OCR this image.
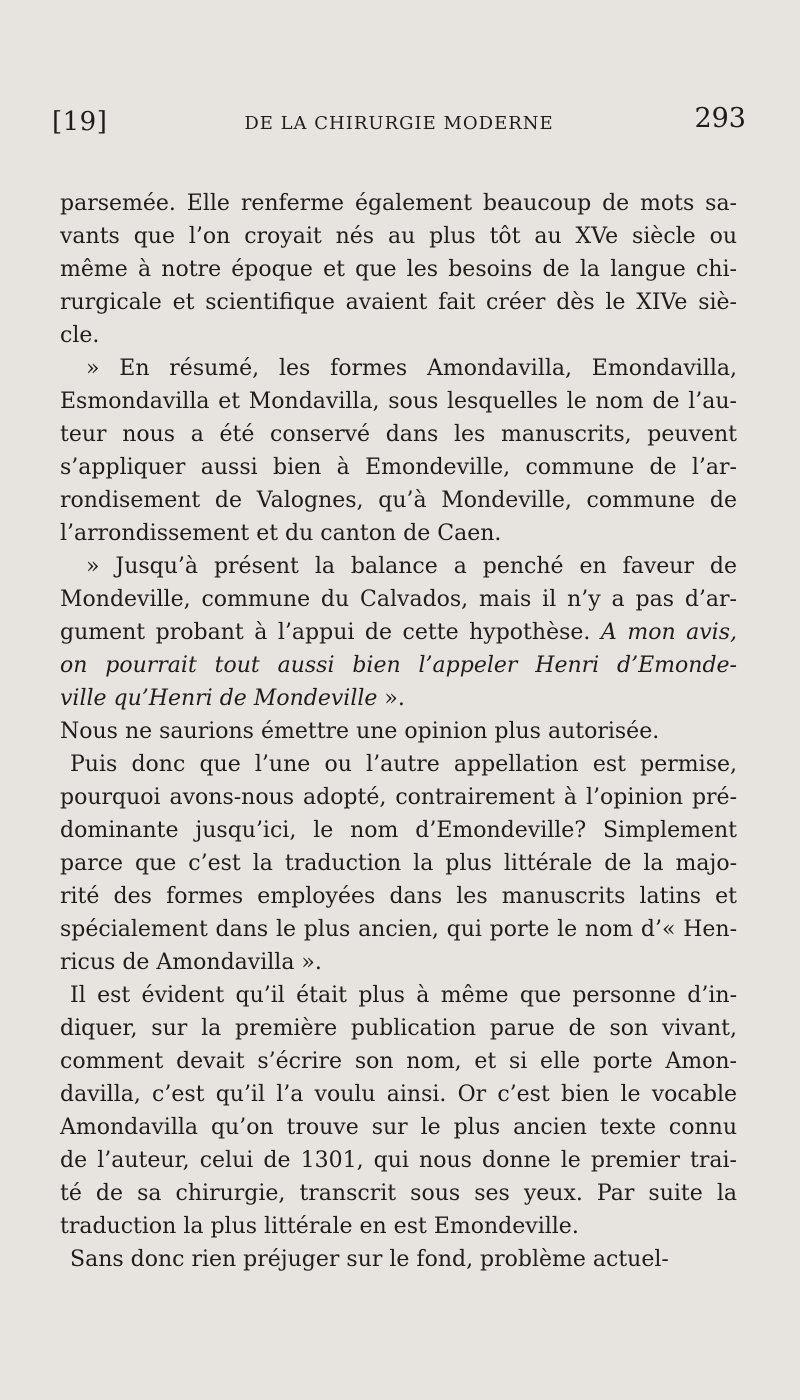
[19]	DE LA CHIRURGIE MODERNE	293
parsemée. Elle renferme également beaucoup de mots sa-
vants que l’on croyait nés au plus tôt au XVe siècle ou
même à notre époque et que les besoins de la langue chi-
rurgicale et scientifique avaient fait créer dès le XIVe siè-
cle.
» En résumé, les formes Amondavilla, Emondavilla,
Esmondavilla et Mondavilla, sous lesquelles le nom de l’au-
teur nous a été conservé dans les manuscrits, peuvent
s’appliquer aussi bien à Emondeville, commune de l’ar-
rondisement de Valognes, qu’à Mondeville, commune de
l’arrondissement et du canton de Caen.
» Jusqu’à présent la balance a penché en faveur de
Mondeville, commune du Calvados, mais il n’y a pas d’ar-
gument probant à l’appui de cette hypothèse. A mon avis,
on pourrait tout aussi bien l’appeler Henri d’Emonde-
ville qu’Henri de Mondeville ».
Nous ne saurions émettre une opinion plus autorisée.
Puis donc que l’une ou l’autre appellation est permise,
pourquoi avons-nous adopté, contrairement à l’opinion pré-
dominante jusqu’ici, le nom d’Emondeville? Simplement
parce que c’est la traduction la plus littérale de la majo-
rité des formes employées dans les manuscrits latins et
spécialement dans le plus ancien, qui porte le nom d’« Hen-
ricus de Amondavilla ».
Il est évident qu’il était plus à même que personne d’in-
diquer, sur la première publication parue de son vivant,
comment devait s’écrire son nom, et si elle porte Amon-
davilla, c’est qu’il l’a voulu ainsi. Or c’est bien le vocable
Amondavilla qu’on trouve sur le plus ancien texte connu
de l’auteur, celui de 1301, qui nous donne le premier trai-
té de sa chirurgie, transcrit sous ses yeux. Par suite la
traduction la plus littérale en est Emondeville.
Sans donc rien préjuger sur le fond, problème actuel-
